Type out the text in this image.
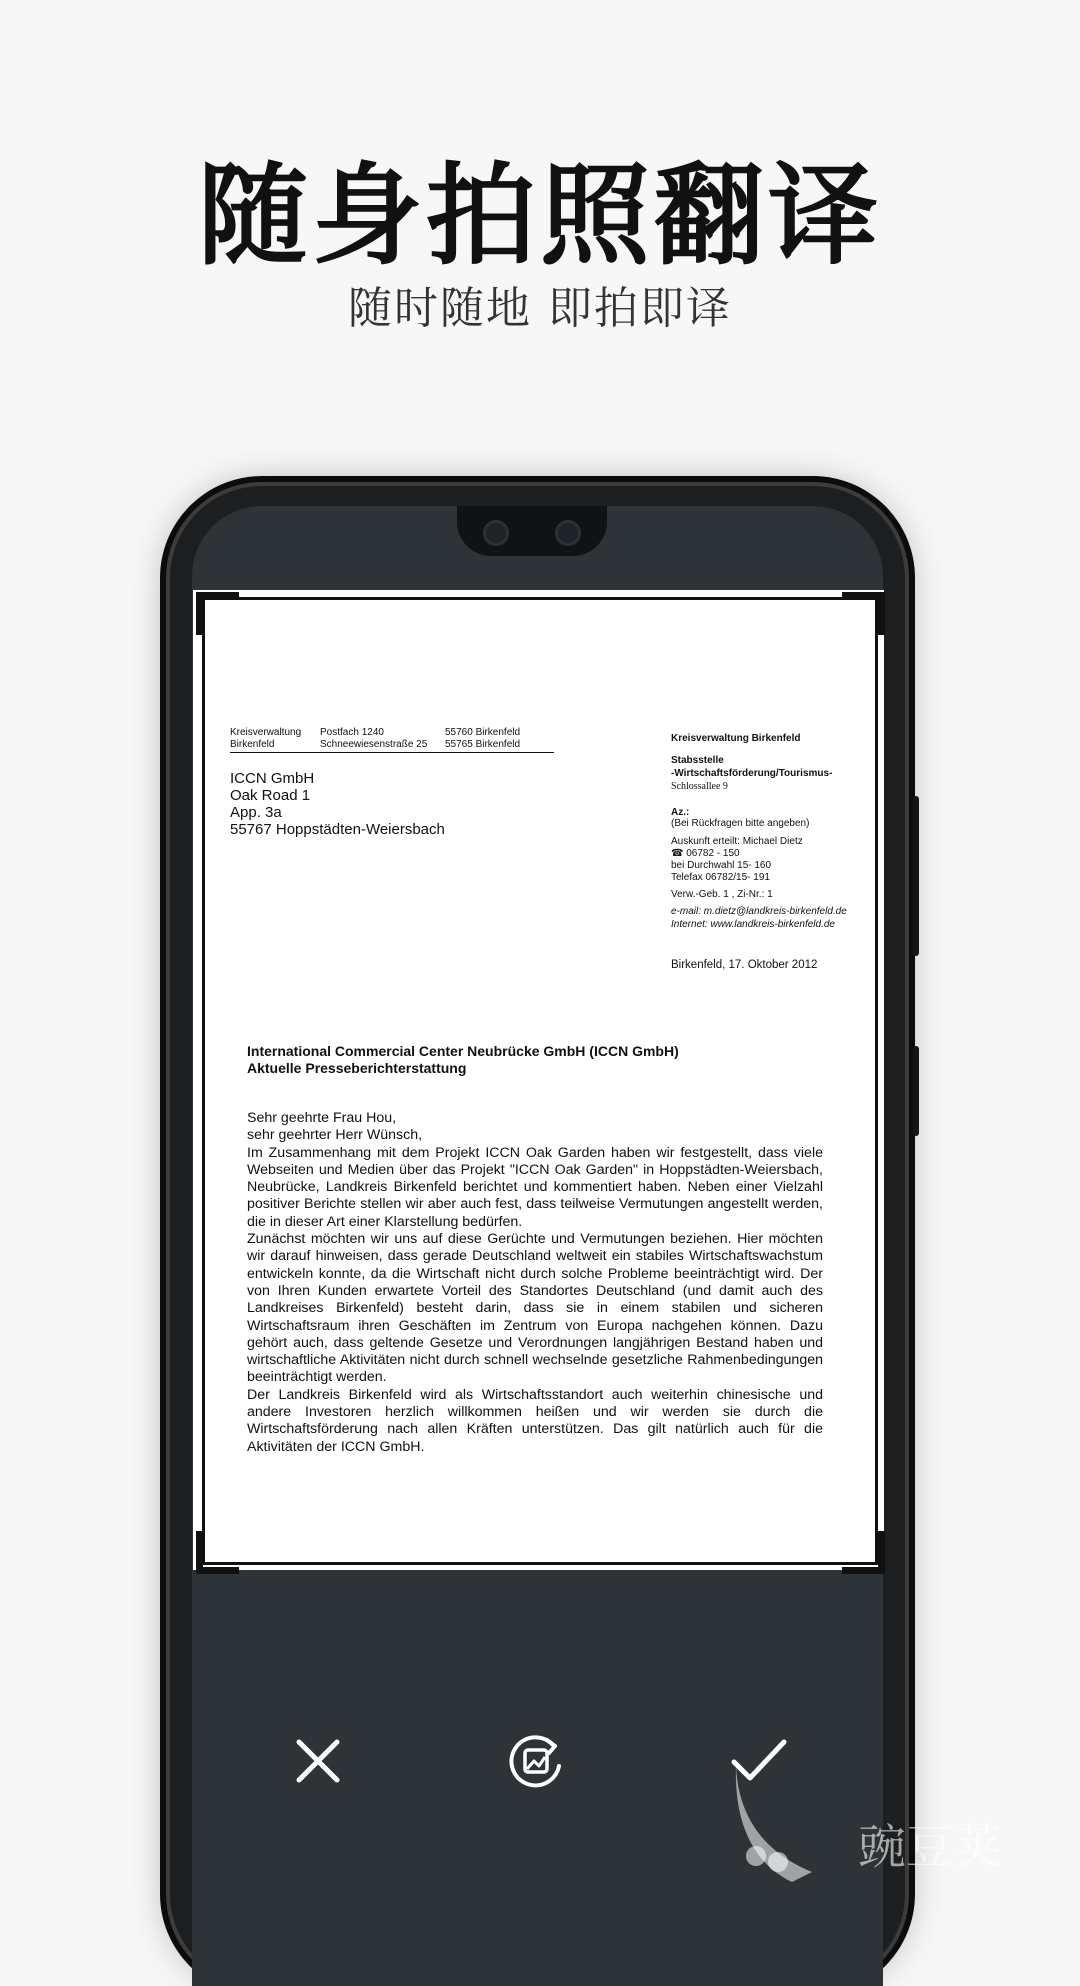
随身拍照翻译
随时随地 即拍即译
Kreisverwaltung
Birkenfeld
Postfach 1240
Schneewiesenstraße 25
55760 Birkenfeld
55765 Birkenfeld
ICCN GmbH
Oak Road 1
App. 3a
55767 Hoppstädten-Weiersbach
Kreisverwaltung Birkenfeld
Stabsstelle
-Wirtschaftsförderung/Tourismus-
Schlossallee 9
Az.:
(Bei Rückfragen bitte angeben)
Auskunft erteilt: Michael Dietz
☎ 06782 - 150
bei Durchwahl 15- 160
Telefax 06782/15- 191
Verw.-Geb. 1 , Zi-Nr.: 1
e-mail: m.dietz@landkreis-birkenfeld.de
Internet: www.landkreis-birkenfeld.de
Birkenfeld, 17. Oktober 2012
International Commercial Center Neubrücke GmbH (ICCN GmbH)
Aktuelle Presseberichterstattung

Sehr geehrte Frau Hou,

sehr geehrter Herr Wünsch,

Im Zusammenhang mit dem Projekt ICCN Oak Garden haben wir festgestellt, dass viele Webseiten und Medien über das Projekt "ICCN Oak Garden" in Hoppstädten-Weiersbach, Neubrücke, Landkreis Birkenfeld berichtet und kommentiert haben. Neben einer Vielzahl positiver Berichte stellen wir aber auch fest, dass teilweise Vermutungen angestellt werden, die in dieser Art einer Klarstellung bedürfen.

Zunächst möchten wir uns auf diese Gerüchte und Vermutungen beziehen. Hier möchten wir darauf hinweisen, dass gerade Deutschland weltweit ein stabiles Wirtschaftswachstum entwickeln konnte, da die Wirtschaft nicht durch solche Probleme beeinträchtigt wird. Der von Ihren Kunden erwartete Vorteil des Standortes Deutschland (und damit auch des Landkreises Birkenfeld) besteht darin, dass sie in einem stabilen und sicheren Wirtschaftsraum ihren Geschäften im Zentrum von Europa nachgehen können. Dazu gehört auch, dass geltende Gesetze und Verordnungen langjährigen Bestand haben und wirtschaftliche Aktivitäten nicht durch schnell wechselnde gesetzliche Rahmenbedingungen beeinträchtigt werden.

Der Landkreis Birkenfeld wird als Wirtschaftsstandort auch weiterhin chinesische und andere Investoren herzlich willkommen heißen und wir werden sie durch die Wirtschaftsförderung nach allen Kräften unterstützen. Das gilt natürlich auch für die Aktivitäten der ICCN GmbH.

豌豆荚
